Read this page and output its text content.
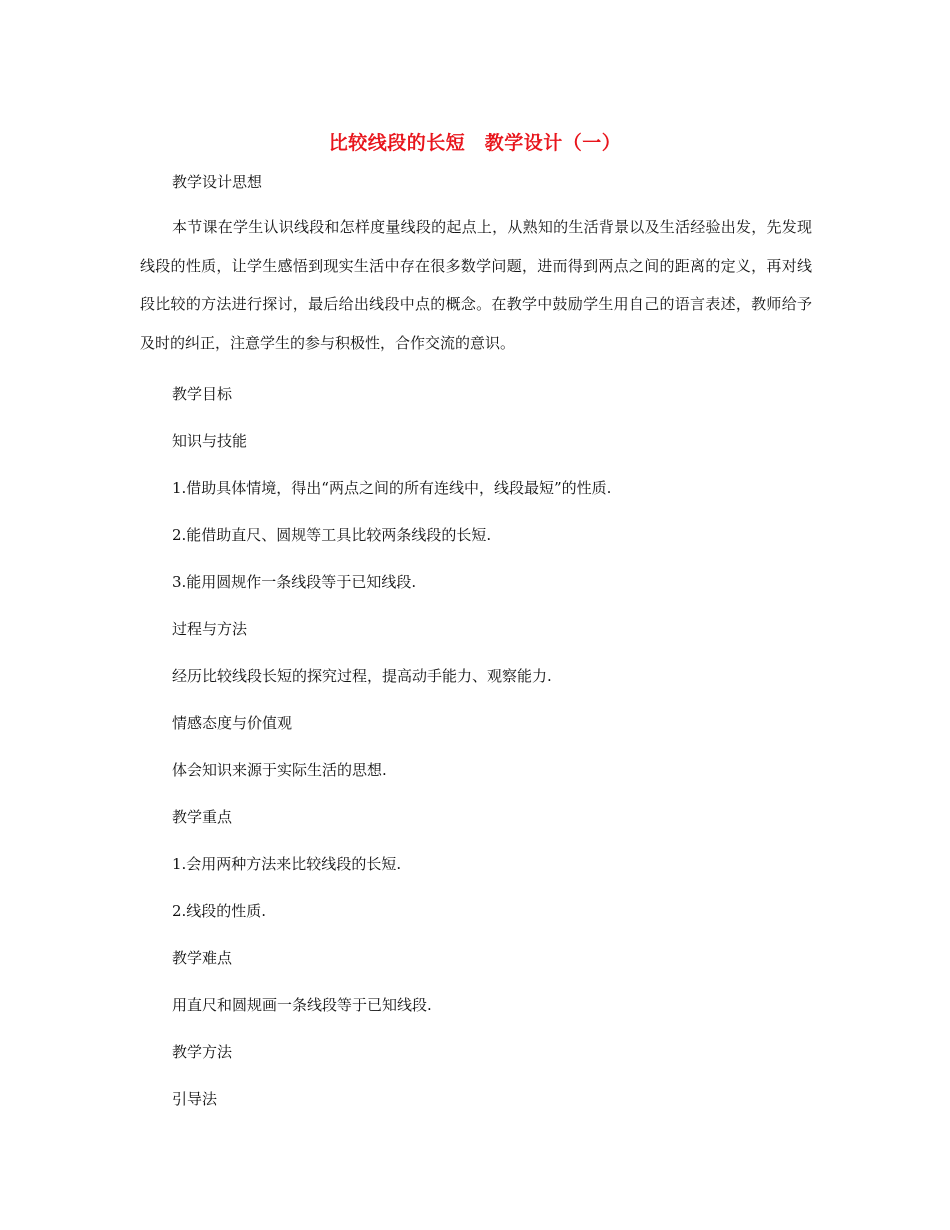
比较线段的长短　教学设计（一）
教学设计思想
本节课在学生认识线段和怎样度量线段的起点上，从熟知的生活背景以及生活经验出发，先发现线段的性质，让学生感悟到现实生活中存在很多数学问题，进而得到两点之间的距离的定义，再对线段比较的方法进行探讨，最后给出线段中点的概念。在教学中鼓励学生用自己的语言表述，教师给予及时的纠正，注意学生的参与积极性，合作交流的意识。
教学目标
知识与技能
1.借助具体情境，得出“两点之间的所有连线中，线段最短”的性质.
2.能借助直尺、圆规等工具比较两条线段的长短.
3.能用圆规作一条线段等于已知线段.
过程与方法
经历比较线段长短的探究过程，提高动手能力、观察能力.
情感态度与价值观
体会知识来源于实际生活的思想.
教学重点
1.会用两种方法来比较线段的长短.
2.线段的性质.
教学难点
用直尺和圆规画一条线段等于已知线段.
教学方法
引导法
